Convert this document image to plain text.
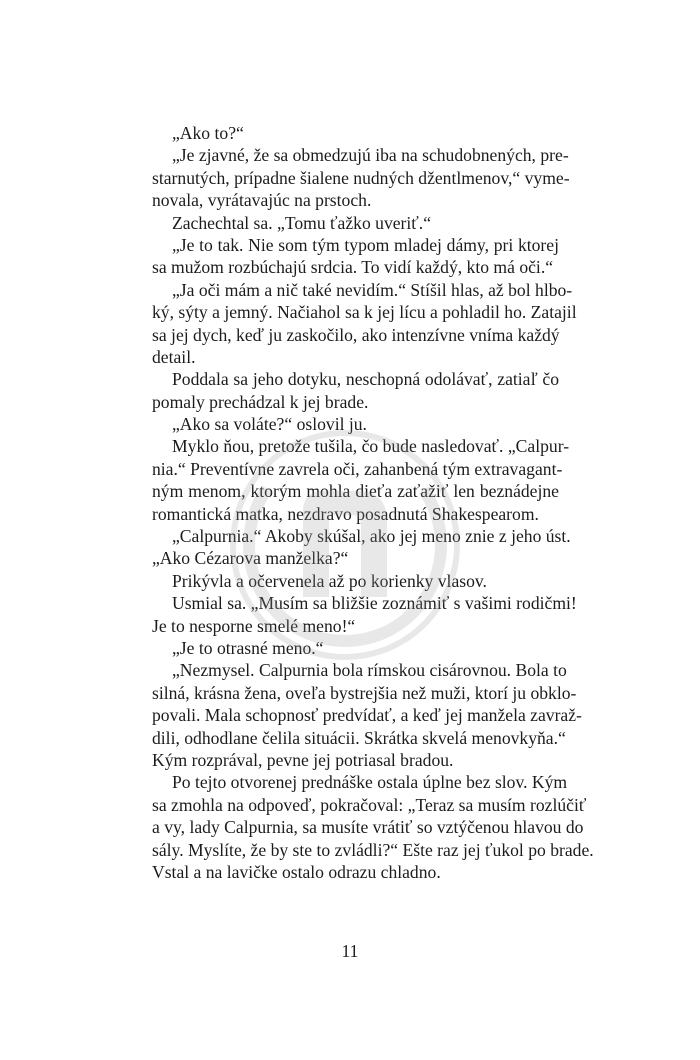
„Ako to?“
„Je zjavné, že sa obmedzujú iba na schudobnených, pre-
starnutých, prípadne šialene nudných džentlmenov,“ vyme-
novala, vyrátavajúc na prstoch.
Zachechtal sa. „Tomu ťažko uveriť.“
„Je to tak. Nie som tým typom mladej dámy, pri ktorej
sa mužom rozbúchajú srdcia. To vidí každý, kto má oči.“
„Ja oči mám a nič také nevidím.“ Stíšil hlas, až bol hlbo-
ký, sýty a jemný. Načiahol sa k jej lícu a pohladil ho. Zatajil
sa jej dych, keď ju zaskočilo, ako intenzívne vníma každý
detail.
Poddala sa jeho dotyku, neschopná odolávať, zatiaľ čo
pomaly prechádzal k jej brade.
„Ako sa voláte?“ oslovil ju.
Myklo ňou, pretože tušila, čo bude nasledovať. „Calpur-
nia.“ Preventívne zavrela oči, zahanbená tým extravagant-
ným menom, ktorým mohla dieťa zaťažiť len beznádejne
romantická matka, nezdravo posadnutá Shakespearom.
„Calpurnia.“ Akoby skúšal, ako jej meno znie z jeho úst.
„Ako Cézarova manželka?“
Prikývla a očervenela až po korienky vlasov.
Usmial sa. „Musím sa bližšie zoznámiť s vašimi rodičmi!
Je to nesporne smelé meno!“
„Je to otrasné meno.“
„Nezmysel. Calpurnia bola rímskou cisárovnou. Bola to
silná, krásna žena, oveľa bystrejšia než muži, ktorí ju obklo-
povali. Mala schopnosť predvídať, a keď jej manžela zavraž-
dili, odhodlane čelila situácii. Skrátka skvelá menovkyňa.“
Kým rozprával, pevne jej potriasal bradou.
Po tejto otvorenej prednáške ostala úplne bez slov. Kým
sa zmohla na odpoveď, pokračoval: „Teraz sa musím rozlúčiť
a vy, lady Calpurnia, sa musíte vrátiť so vztýčenou hlavou do
sály. Myslíte, že by ste to zvládli?“ Ešte raz jej ťukol po brade.
Vstal a na lavičke ostalo odrazu chladno.
11
